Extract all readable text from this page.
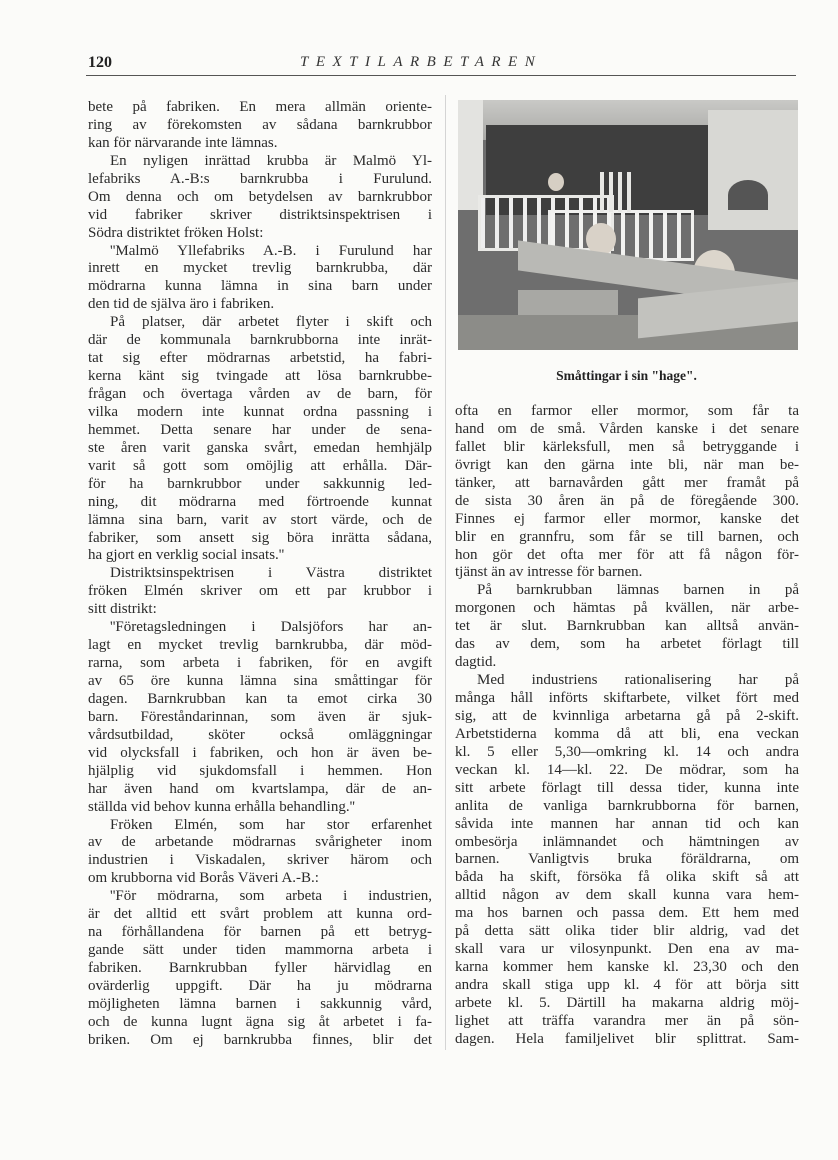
120	TEXTILARBETAREN
bete på fabriken. En mera allmän oriente-
ring av förekomsten av sådana barnkrubbor
kan för närvarande inte lämnas.
En nyligen inrättad krubba är Malmö Yl-
lefabriks A.-B:s barnkrubba i Furulund.
Om denna och om betydelsen av barnkrubbor
vid fabriker skriver distriktsinspektrisen i
Södra distriktet fröken Holst:
''Malmö Yllefabriks A.-B. i Furulund har
inrett en mycket trevlig barnkrubba, där
mödrarna kunna lämna in sina barn under
den tid de själva äro i fabriken.
På platser, där arbetet flyter i skift och
där de kommunala barnkrubborna inte inrät-
tat sig efter mödrarnas arbetstid, ha fabri-
kerna känt sig tvingade att lösa barnkrubbe-
frågan och övertaga vården av de barn, för
vilka modern inte kunnat ordna passning i
hemmet. Detta senare har under de sena-
ste åren varit ganska svårt, emedan hemhjälp
varit så gott som omöjlig att erhålla. Där-
för ha barnkrubbor under sakkunnig led-
ning, dit mödrarna med förtroende kunnat
lämna sina barn, varit av stort värde, och de
fabriker, som ansett sig böra inrätta sådana,
ha gjort en verklig social insats.''
Distriktsinspektrisen i Västra distriktet
fröken Elmén skriver om ett par krubbor i
sitt distrikt:
''Företagsledningen i Dalsjöfors har an-
lagt en mycket trevlig barnkrubba, där möd-
rarna, som arbeta i fabriken, för en avgift
av 65 öre kunna lämna sina småttingar för
dagen. Barnkrubban kan ta emot cirka 30
barn. Föreståndarinnan, som även är sjuk-
vårdsutbildad, sköter också omläggningar
vid olycksfall i fabriken, och hon är även be-
hjälplig vid sjukdomsfall i hemmen. Hon
har även hand om kvartslampa, där de an-
ställda vid behov kunna erhålla behandling.''
Fröken Elmén, som har stor erfarenhet
av de arbetande mödrarnas svårigheter inom
industrien i Viskadalen, skriver härom och
om krubborna vid Borås Väveri A.-B.:
''För mödrarna, som arbeta i industrien,
är det alltid ett svårt problem att kunna ord-
na förhållandena för barnen på ett betryg-
gande sätt under tiden mammorna arbeta i
fabriken. Barnkrubban fyller härvidlag en
ovärderlig uppgift. Där ha ju mödrarna
möjligheten lämna barnen i sakkunnig vård,
och de kunna lugnt ägna sig åt arbetet i fa-
briken. Om ej barnkrubba finnes, blir det
Småttingar i sin "hage".
ofta en farmor eller mormor, som får ta
hand om de små. Vården kanske i det senare
fallet blir kärleksfull, men så betryggande i
övrigt kan den gärna inte bli, när man be-
tänker, att barnavården gått mer framåt på
de sista 30 åren än på de föregående 300.
Finnes ej farmor eller mormor, kanske det
blir en grannfru, som får se till barnen, och
hon gör det ofta mer för att få någon för-
tjänst än av intresse för barnen.
På barnkrubban lämnas barnen in på
morgonen och hämtas på kvällen, när arbe-
tet är slut. Barnkrubban kan alltså använ-
das av dem, som ha arbetet förlagt till
dagtid.
Med industriens rationalisering har på
många håll införts skiftarbete, vilket fört med
sig, att de kvinnliga arbetarna gå på 2-skift.
Arbetstiderna komma då att bli, ena veckan
kl. 5 eller 5,30—omkring kl. 14 och andra
veckan kl. 14—kl. 22. De mödrar, som ha
sitt arbete förlagt till dessa tider, kunna inte
anlita de vanliga barnkrubborna för barnen,
såvida inte mannen har annan tid och kan
ombesörja inlämnandet och hämtningen av
barnen. Vanligtvis bruka föräldrarna, om
båda ha skift, försöka få olika skift så att
alltid någon av dem skall kunna vara hem-
ma hos barnen och passa dem. Ett hem med
på detta sätt olika tider blir aldrig, vad det
skall vara ur vilosynpunkt. Den ena av ma-
karna kommer hem kanske kl. 23,30 och den
andra skall stiga upp kl. 4 för att börja sitt
arbete kl. 5. Därtill ha makarna aldrig möj-
lighet att träffa varandra mer än på sön-
dagen. Hela familjelivet blir splittrat. Sam-
